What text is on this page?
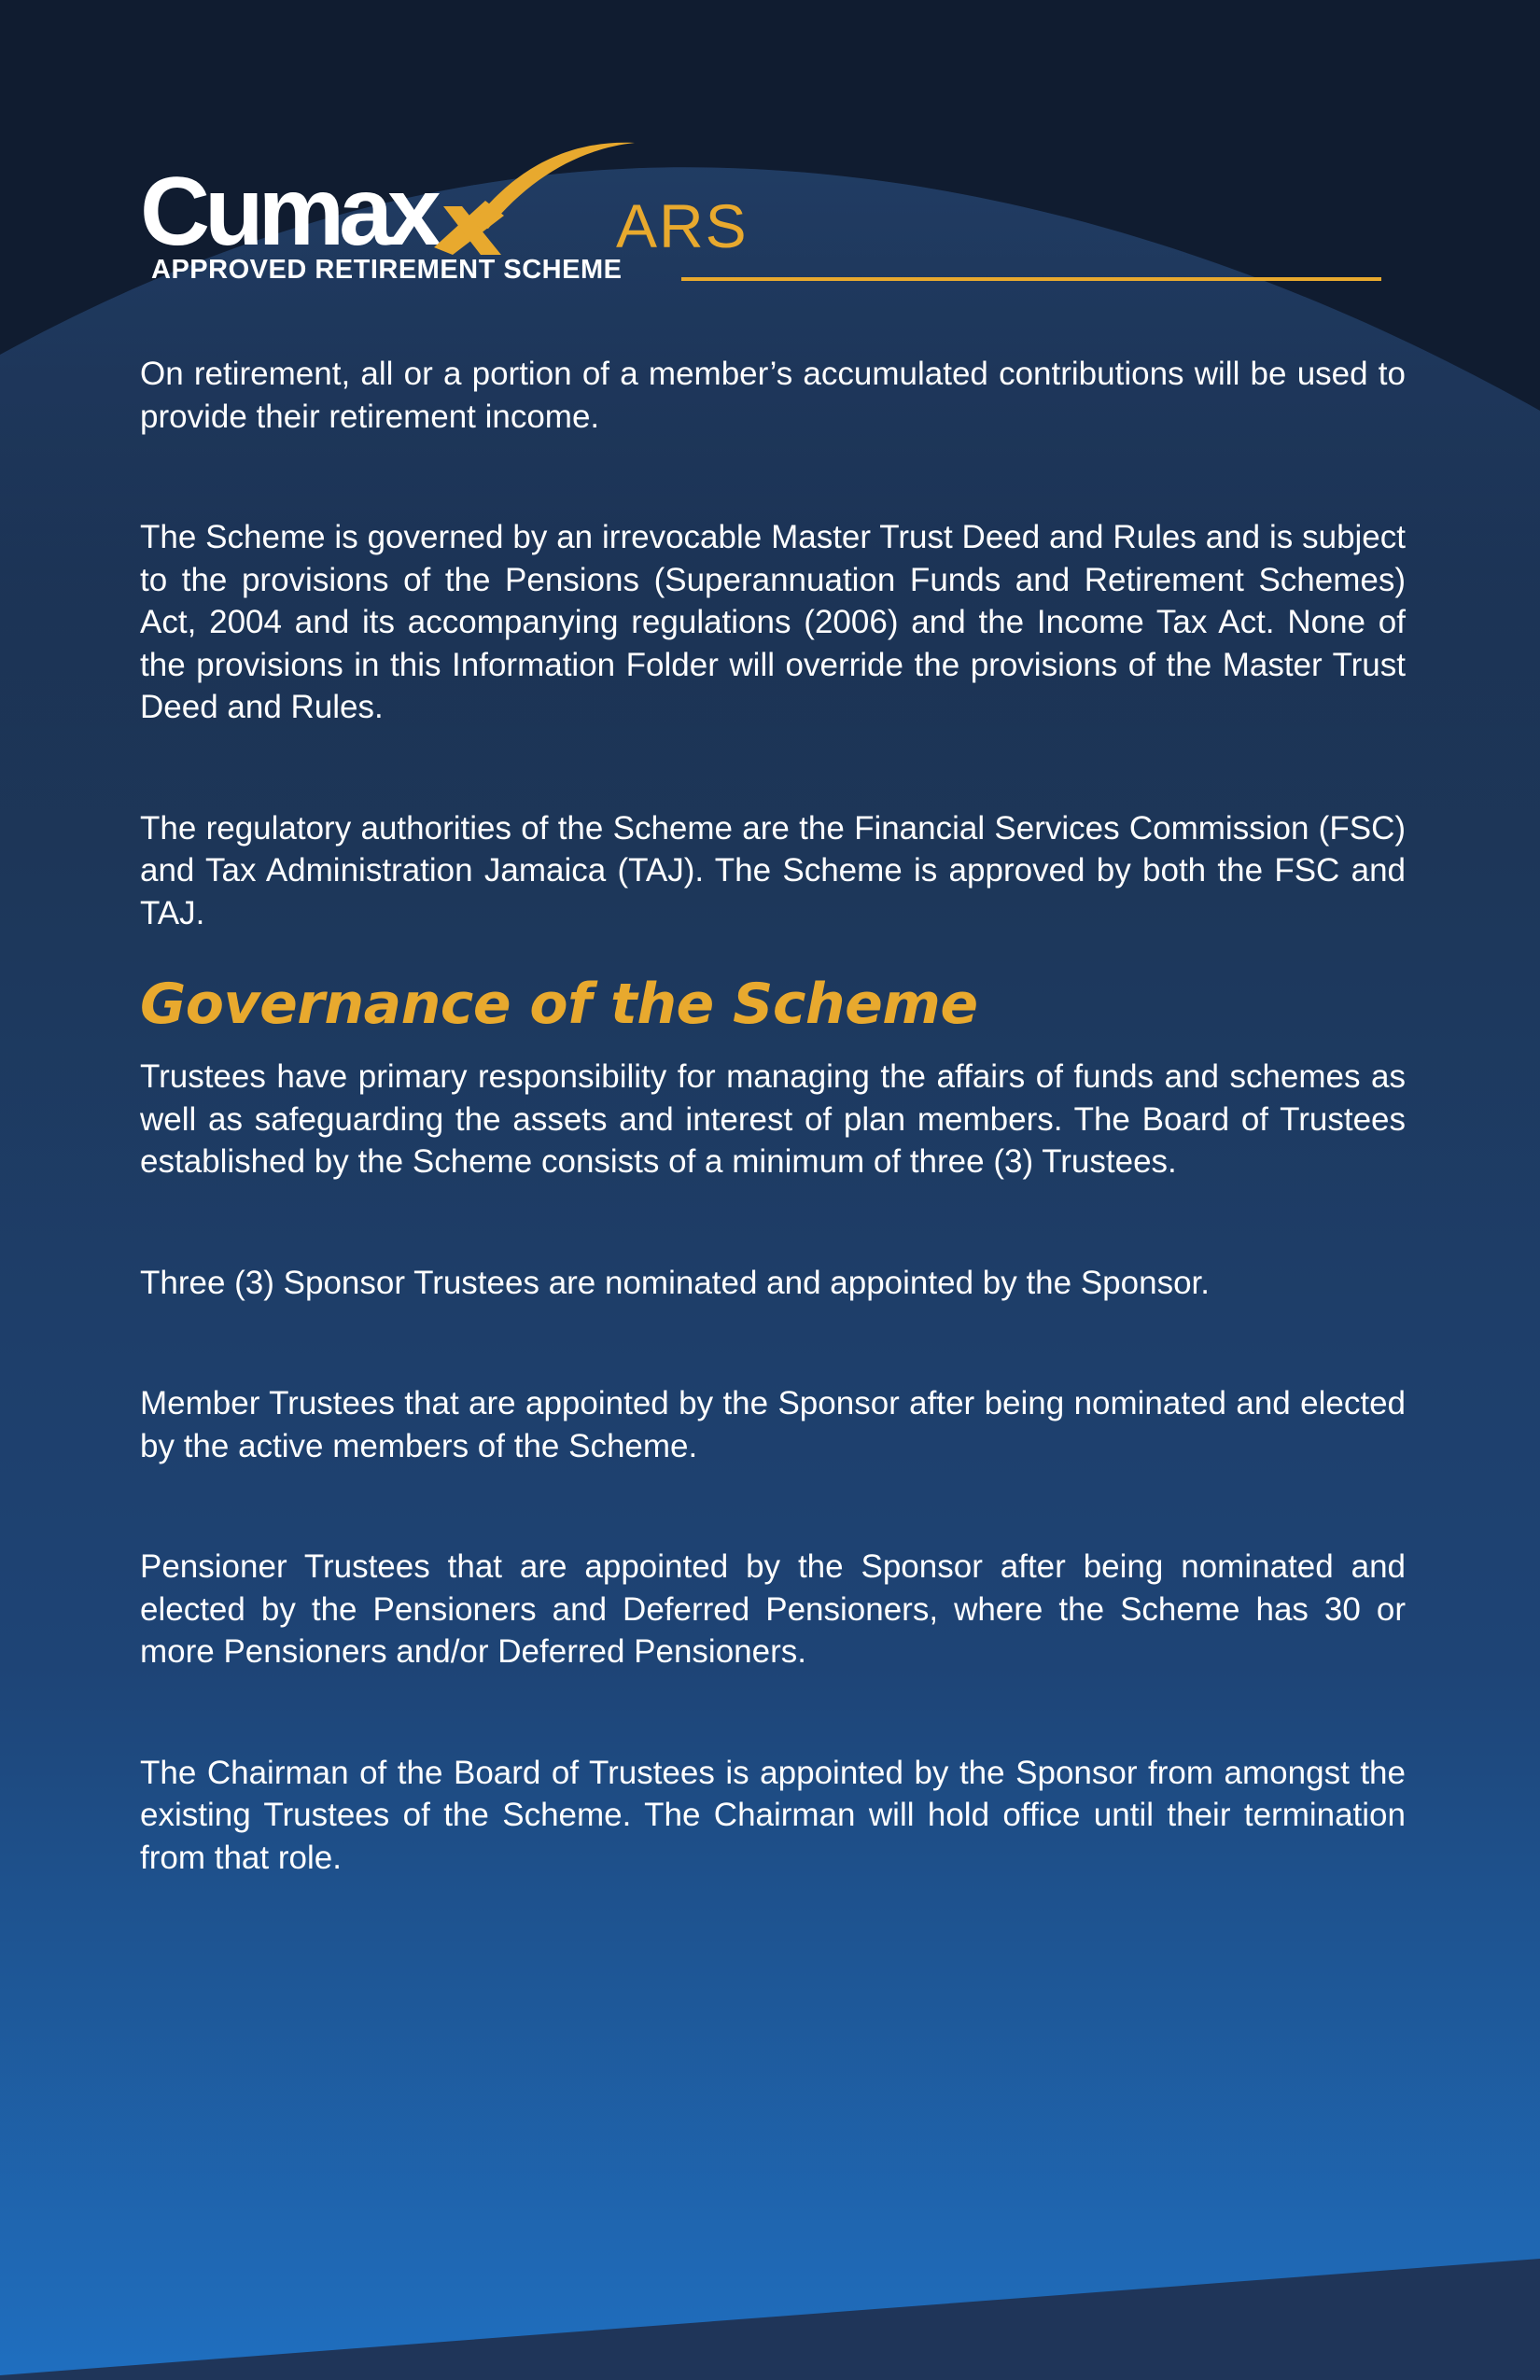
Cumax	ARS
APPROVED RETIREMENT SCHEME

On retirement, all or a portion of a member’s accumulated contributions will be used to provide their retirement income.

The Scheme is governed by an irrevocable Master Trust Deed and Rules and is subject to the provisions of the Pensions (Superannuation Funds and Retirement Schemes) Act, 2004 and its accompanying regulations (2006) and the Income Tax Act. None of the provisions in this Information Folder will override the provisions of the Master Trust Deed and Rules.

The regulatory authorities of the Scheme are the Financial Services Commission (FSC) and Tax Administration Jamaica (TAJ). The Scheme is approved by both the FSC and TAJ.

Governance of the Scheme

Trustees have primary responsibility for managing the affairs of funds and schemes as well as safeguarding the assets and interest of plan members. The Board of Trustees established by the Scheme consists of a minimum of three (3) Trustees.

Three (3) Sponsor Trustees are nominated and appointed by the Sponsor.

Member Trustees that are appointed by the Sponsor after being nominated and elected by the active members of the Scheme.

Pensioner Trustees that are appointed by the Sponsor after being nominated and elected by the Pensioners and Deferred Pensioners, where the Scheme has 30 or more Pensioners and/or Deferred Pensioners.

The Chairman of the Board of Trustees is appointed by the Sponsor from amongst the existing Trustees of the Scheme. The Chairman will hold office until their termination from that role.
